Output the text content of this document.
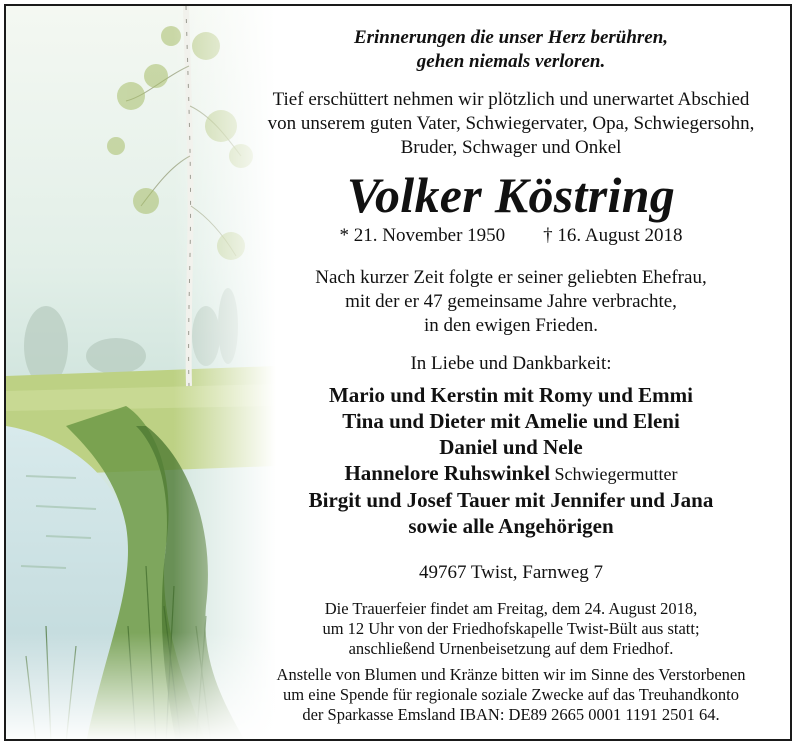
Erinnerungen die unser Herz berühren,
gehen niemals verloren.
Tief erschüttert nehmen wir plötzlich und unerwartet Abschied
von unserem guten Vater, Schwiegervater, Opa, Schwiegersohn,
Bruder, Schwager und Onkel
Volker Köstring
* 21. November 1950 † 16. August 2018
Nach kurzer Zeit folgte er seiner geliebten Ehefrau,
mit der er 47 gemeinsame Jahre verbrachte,
in den ewigen Frieden.
In Liebe und Dankbarkeit:
Mario und Kerstin mit Romy und Emmi
Tina und Dieter mit Amelie und Eleni
Daniel und Nele
Hannelore Ruhswinkel Schwiegermutter
Birgit und Josef Tauer mit Jennifer und Jana
sowie alle Angehörigen
49767 Twist, Farnweg 7
Die Trauerfeier findet am Freitag, dem 24. August 2018,
um 12 Uhr von der Friedhofskapelle Twist-Bült aus statt;
anschließend Urnenbeisetzung auf dem Friedhof.
Anstelle von Blumen und Kränze bitten wir im Sinne des Verstorbenen
um eine Spende für regionale soziale Zwecke auf das Treuhandkonto
der Sparkasse Emsland IBAN: DE89 2665 0001 1191 2501 64.
